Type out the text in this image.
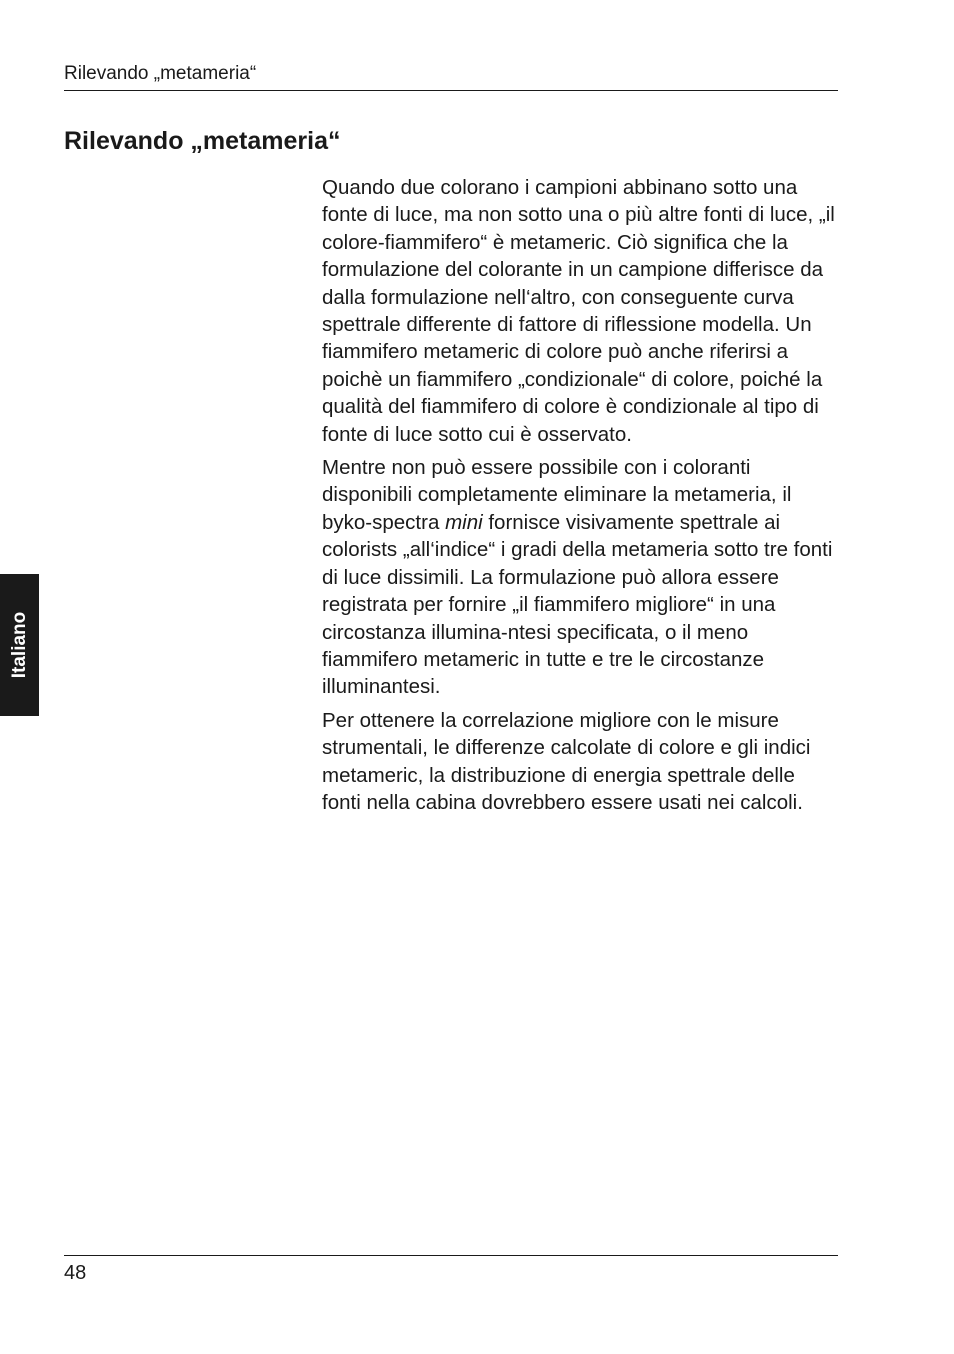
Rilevando „metameria“
Rilevando „metameria“

Quando due colorano i campioni abbinano sotto una fonte di luce, ma non sotto una o più altre fonti di luce, „il colore-fiammifero“ è metameric. Ciò significa che la formulazione del colorante in un campione differisce da dalla formulazione nell‘altro, con conseguente curva spettrale differente di fattore di riflessione modella. Un fiammifero metameric di colore può anche riferirsi a poichè un fiammifero „condizionale“ di colore, poiché la qualità del fiammifero di colore è condizionale al tipo di fonte di luce sotto cui è osservato.

Mentre non può essere possibile con i coloranti disponibili completamente eliminare la metameria, il byko-spectra mini fornisce visivamente spettrale ai colorists „all‘indice“ i gradi della metameria sotto tre fonti di luce dissimili. La formulazione può allora essere registrata per fornire „il fiammifero migliore“ in una circostanza illumina-ntesi specificata, o il meno fiammifero metameric in tutte e tre le circostanze illuminantesi.

Per ottenere la correlazione migliore con le misure strumentali, le differenze calcolate di colore e gli indici metameric, la distribuzione di energia spettrale delle fonti nella cabina dovrebbero essere usati nei calcoli.

Italiano
48
